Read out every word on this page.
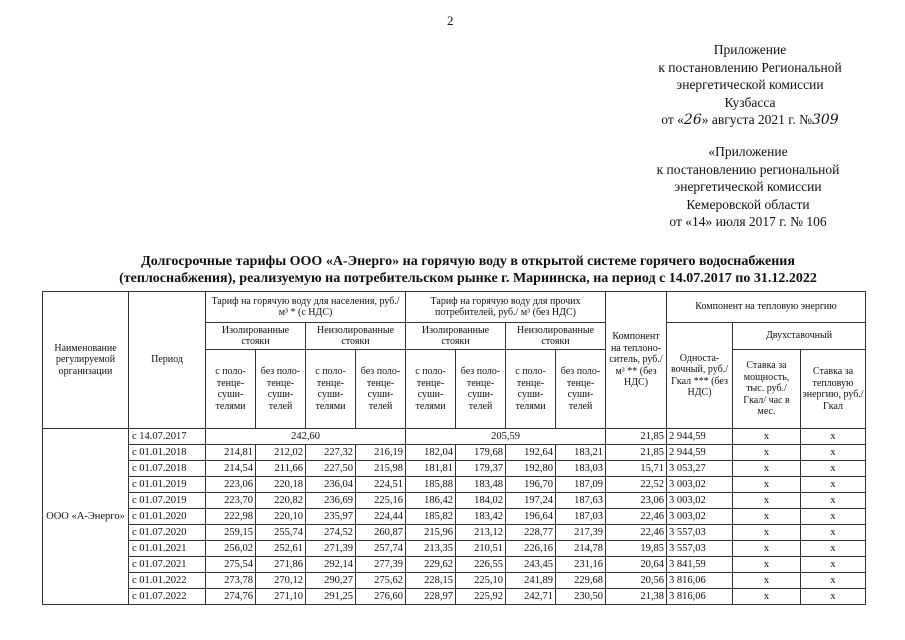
2
Приложение
к постановлению Региональной
энергетической комиссии
Кузбасса
от «26» августа 2021 г. №309
«Приложение
к постановлению региональной
энергетической комиссии
Кемеровской области
от «14» июля 2017 г. № 106
Долгосрочные тарифы ООО «А-Энерго» на горячую воду в открытой системе горячего водоснабжения
(теплоснабжения), реализуемую на потребительском рынке г. Мариинска, на период с 14.07.2017 по 31.12.2022
Наименование регулируемой организации	Период	Тариф на горячую воду для населения, руб./м³ * (с НДС)				Тариф на горячую воду для прочих потребителей, руб./ м³ (без НДС)				Компонент на теплоно-ситель, руб./м³ ** (без НДС)	Компонент на тепловую энергию		
		Изолированные стояки		Неизолированные стояки		Изолированные стояки		Неизолированные стояки			Односта-вочный, руб./Гкал *** (без НДС)	Двухставочный	
		с поло-тенце-суши-телями	без поло-тенце-суши-телей	с поло-тенце-суши-телями	без поло-тенце-суши-телей	с поло-тенце-суши-телями	без поло-тенце-суши-телей	с поло-тенце-суши-телями	без поло-тенце-суши-телей			Ставка за мощность, тыс. руб./ Гкал/ час в мес.	Ставка за тепловую энергию, руб./Гкал
ООО «А-Энерго»	с 14.07.2017	242,60				205,59				21,85	2 944,59	х	х
	с 01.01.2018	214,81	212,02	227,32	216,19	182,04	179,68	192,64	183,21	21,85	2 944,59	х	х
	с 01.07.2018	214,54	211,66	227,50	215,98	181,81	179,37	192,80	183,03	15,71	3 053,27	х	х
	с 01.01.2019	223,06	220,18	236,04	224,51	185,88	183,48	196,70	187,09	22,52	3 003,02	х	х
	с 01.07.2019	223,70	220,82	236,69	225,16	186,42	184,02	197,24	187,63	23,06	3 003,02	х	х
	с 01.01.2020	222,98	220,10	235,97	224,44	185,82	183,42	196,64	187,03	22,46	3 003,02	х	х
	с 01.07.2020	259,15	255,74	274,52	260,87	215,96	213,12	228,77	217,39	22,46	3 557,03	х	х
	с 01.01.2021	256,02	252,61	271,39	257,74	213,35	210,51	226,16	214,78	19,85	3 557,03	х	х
	с 01.07.2021	275,54	271,86	292,14	277,39	229,62	226,55	243,45	231,16	20,64	3 841,59	х	х
	с 01.01.2022	273,78	270,12	290,27	275,62	228,15	225,10	241,89	229,68	20,56	3 816,06	х	х
	с 01.07.2022	274,76	271,10	291,25	276,60	228,97	225,92	242,71	230,50	21,38	3 816,06	х	х
